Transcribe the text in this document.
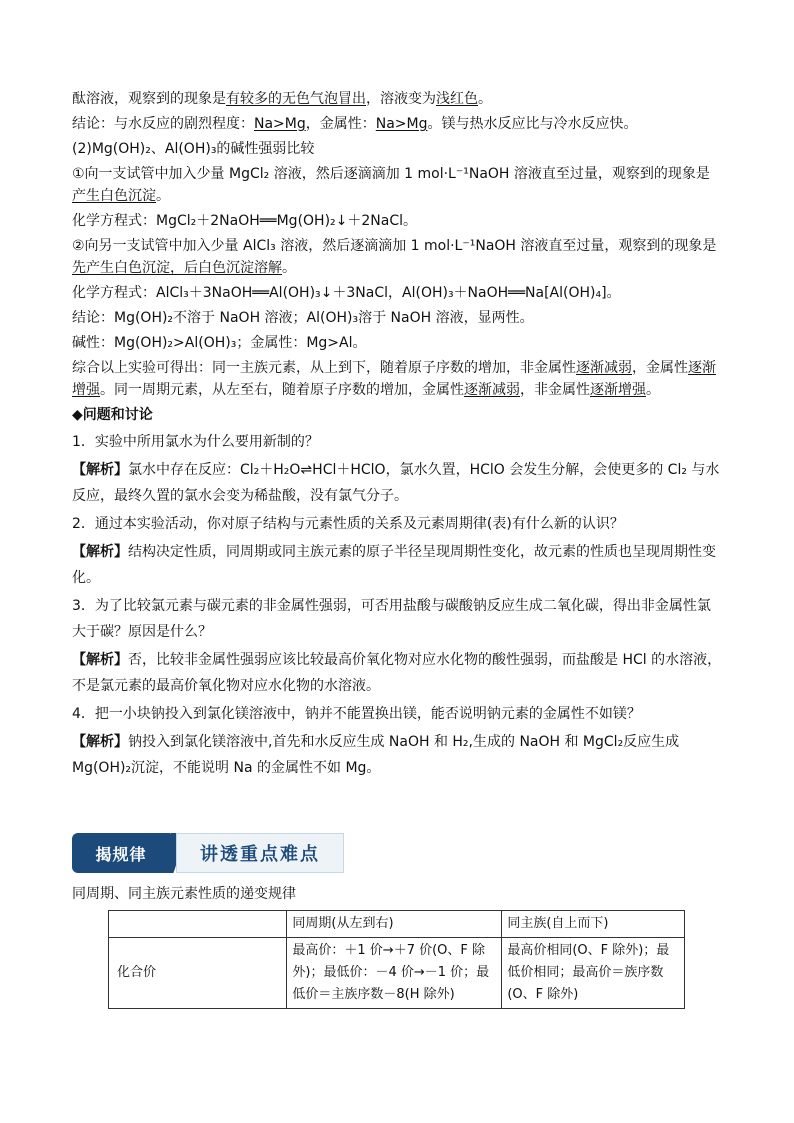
酞溶液，观察到的现象是有较多的无色气泡冒出，溶液变为浅红色。
结论：与水反应的剧烈程度：Na>Mg，金属性：Na>Mg。镁与热水反应比与冷水反应快。
(2)Mg(OH)₂、Al(OH)₃的碱性强弱比较
①向一支试管中加入少量 MgCl₂ 溶液，然后逐滴滴加 1 mol·L⁻¹NaOH 溶液直至过量，观察到的现象是产生白色沉淀。
化学方程式：MgCl₂＋2NaOH══Mg(OH)₂↓＋2NaCl。
②向另一支试管中加入少量 AlCl₃ 溶液，然后逐滴滴加 1 mol·L⁻¹NaOH 溶液直至过量，观察到的现象是先产生白色沉淀，后白色沉淀溶解。
化学方程式：AlCl₃＋3NaOH══Al(OH)₃↓＋3NaCl，Al(OH)₃＋NaOH══Na[Al(OH)₄]。
结论：Mg(OH)₂不溶于 NaOH 溶液；Al(OH)₃溶于 NaOH 溶液，显两性。
碱性：Mg(OH)₂>Al(OH)₃；金属性：Mg>Al。
综合以上实验可得出：同一主族元素，从上到下，随着原子序数的增加，非金属性逐渐减弱，金属性逐渐增强。同一周期元素，从左至右，随着原子序数的增加，金属性逐渐减弱，非金属性逐渐增强。
◆问题和讨论
1．实验中所用氯水为什么要用新制的？
【解析】氯水中存在反应：Cl₂＋H₂O⇌HCl＋HClO，氯水久置，HClO 会发生分解，会使更多的 Cl₂ 与水反应，最终久置的氯水会变为稀盐酸，没有氯气分子。
2．通过本实验活动，你对原子结构与元素性质的关系及元素周期律(表)有什么新的认识？
【解析】结构决定性质，同周期或同主族元素的原子半径呈现周期性变化，故元素的性质也呈现周期性变化。
3．为了比较氯元素与碳元素的非金属性强弱，可否用盐酸与碳酸钠反应生成二氧化碳，得出非金属性氯大于碳？原因是什么？
【解析】否，比较非金属性强弱应该比较最高价氧化物对应水化物的酸性强弱，而盐酸是 HCl 的水溶液，不是氯元素的最高价氧化物对应水化物的水溶液。
4．把一小块钠投入到氯化镁溶液中，钠并不能置换出镁，能否说明钠元素的金属性不如镁？
【解析】钠投入到氯化镁溶液中,首先和水反应生成 NaOH 和 H₂,生成的 NaOH 和 MgCl₂反应生成 Mg(OH)₂沉淀，不能说明 Na 的金属性不如 Mg。
揭规律	讲透重点难点
同周期、同主族元素性质的递变规律
	同周期(从左到右)	同主族(自上而下)
化合价	最高价：＋1 价→＋7 价(O、F 除外)；最低价：－4 价→－1 价；最低价＝主族序数－8(H 除外)	最高价相同(O、F 除外)；最低价相同；最高价＝族序数(O、F 除外)
